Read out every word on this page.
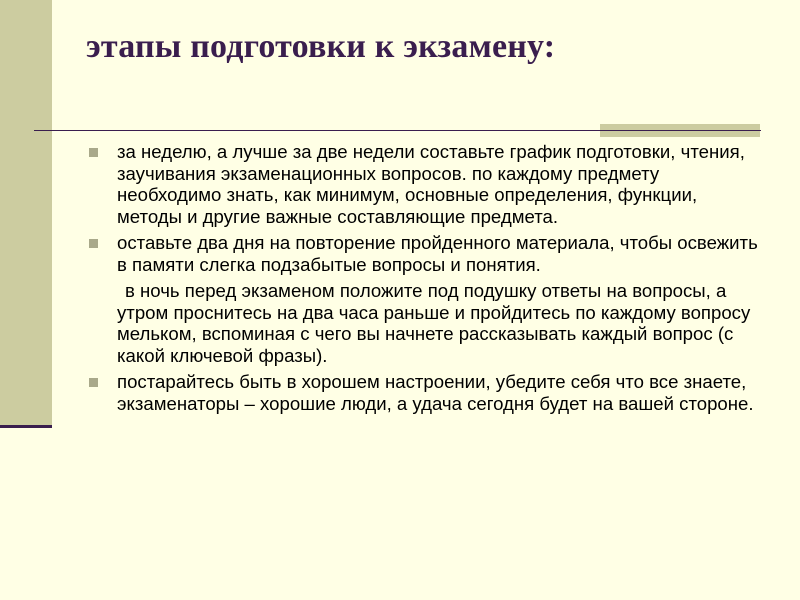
этапы подготовки к экзамену:
за неделю, а лучше за две недели составьте график подготовки, чтения, заучивания экзаменационных вопросов. по каждому предмету необходимо знать, как минимум, основные определения, функции, методы и другие важные составляющие предмета.
оставьте два дня на повторение пройденного материала, чтобы освежить в памяти слегка подзабытые вопросы и понятия.
в ночь перед экзаменом положите под подушку ответы на вопросы, а утром проснитесь на два часа раньше и пройдитесь по каждому вопросу мельком, вспоминая с чего вы начнете рассказывать каждый вопрос (с какой ключевой фразы).
постарайтесь быть в хорошем настроении, убедите себя что все знаете, экзаменаторы – хорошие люди, а удача сегодня будет на вашей стороне.
